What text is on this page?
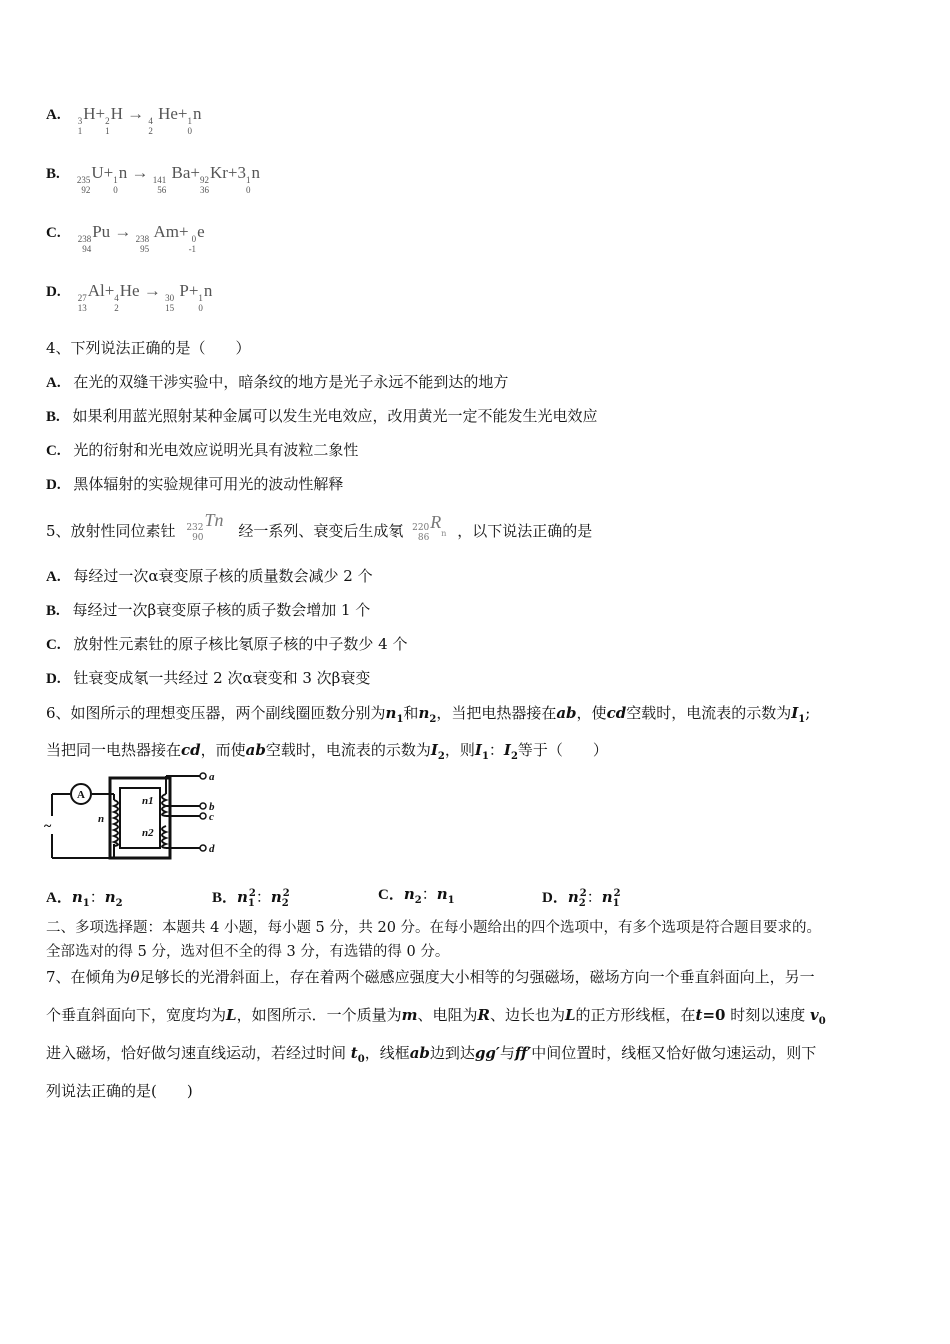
A. 3
1
H+ 2
1
H → 4
2
He+ 1
0
n
B. 235
92
U+ 1
0
n → 141
56
Ba+ 92
36
Kr+3 1
0
n
C. 238
94
Pu → 238
95
Am+ 0
-1
e
D. 27
13
Al+ 4
2
He → 30
15
P+ 1
0
n
4、下列说法正确的是（　　）
A. 在光的双缝干涉实验中，暗条纹的地方是光子永远不能到达的地方
B. 如果利用蓝光照射某种金属可以发生光电效应，改用黄光一定不能发生光电效应
C. 光的衍射和光电效应说明光具有波粒二象性
D. 黑体辐射的实验规律可用光的波动性解释
5、放射性同位素钍 232
90
Tn 经一系列、衰变后生成氡 220
86
Rn ，以下说法正确的是
A. 每经过一次α衰变原子核的质量数会减少 2 个
B. 每经过一次β衰变原子核的质子数会增加 1 个
C. 放射性元素钍的原子核比氡原子核的中子数少 4 个
D. 钍衰变成氡一共经过 2 次α衰变和 3 次β衰变
6、如图所示的理想变压器，两个副线圈匝数分别为$n_1$和$n_2$，当把电热器接在ab，使cd空载时，电流表的示数为$I_1$;
当把同一电热器接在cd，而使ab空载时，电流表的示数为$I_2$，则$I_1$：$I_2$等于（　　）
A
n
n1
n2
a
b
c
d
~
A．$n_1$：$n_2$	B．$n_1^2$：$n_2^2$	C．$n_2$：$n_1$	D．$n_2^2$：$n_1^2$
二、多项选择题：本题共 4 小题，每小题 5 分，共 20 分。在每小题给出的四个选项中，有多个选项是符合题目要求的。
全部选对的得 5 分，选对但不全的得 3 分，有选错的得 0 分。
7、在倾角为θ足够长的光滑斜面上，存在着两个磁感应强度大小相等的匀强磁场，磁场方向一个垂直斜面向上，另一
个垂直斜面向下，宽度均为L，如图所示．一个质量为m、电阻为R、边长也为L的正方形线框，在t=0 时刻以速度 $v_0$
进入磁场，恰好做匀速直线运动，若经过时间 $t_0$，线框ab边到达gg′与ff′中间位置时，线框又恰好做匀速运动，则下
列说法正确的是(　　)
